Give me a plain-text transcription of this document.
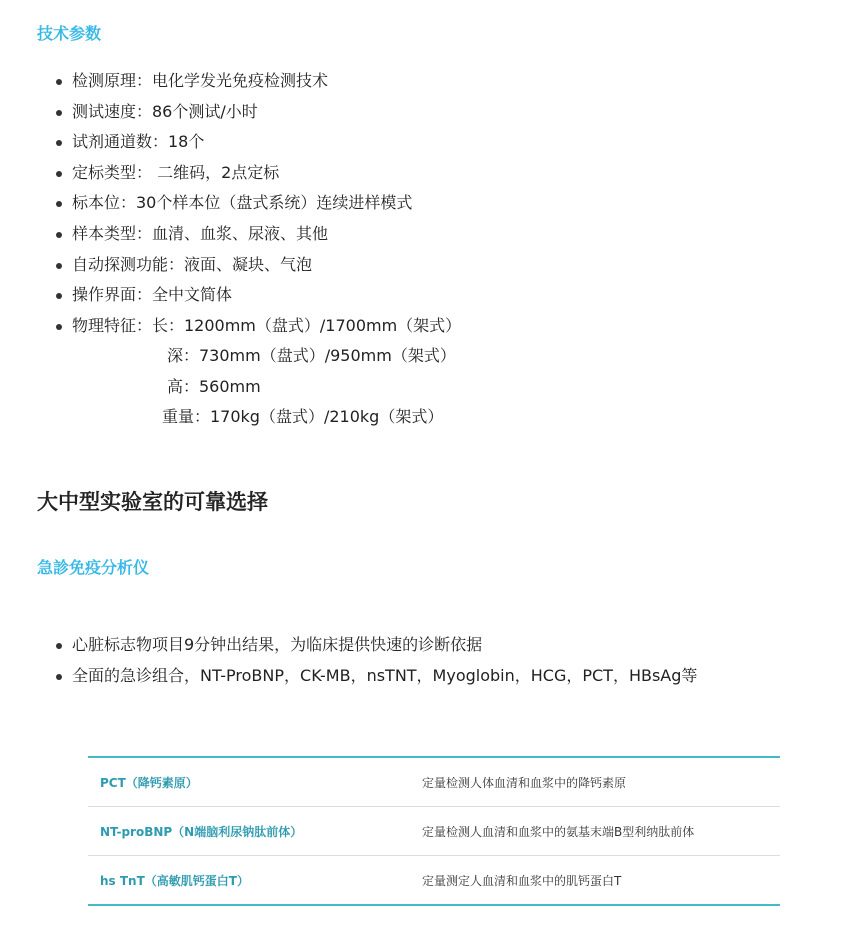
技术参数
检测原理：电化学发光免疫检测技术
测试速度：86个测试/小时
试剂通道数：18个
定标类型： 二维码，2点定标
标本位：30个样本位（盘式系统）连续进样模式
样本类型：血清、血浆、尿液、其他
自动探测功能：液面、凝块、气泡
操作界面：全中文简体
物理特征：长：1200mm（盘式）/1700mm（架式）
深：730mm（盘式）/950mm（架式）
高：560mm
重量：170kg（盘式）/210kg（架式）
大中型实验室的可靠选择
急診免疫分析仪
心脏标志物项目9分钟出结果，为临床提供快速的诊断依据
全面的急诊组合，NT-ProBNP，CK-MB，nsTNT，Myoglobin，HCG，PCT，HBsAg等
PCT（降钙素原）	定量检测人体血清和血浆中的降钙素原
NT-proBNP（N端脑利尿钠肽前体）	定量检测人血清和血浆中的氨基末端B型利纳肽前体
hs TnT（高敏肌钙蛋白T）	定量测定人血清和血浆中的肌钙蛋白T
